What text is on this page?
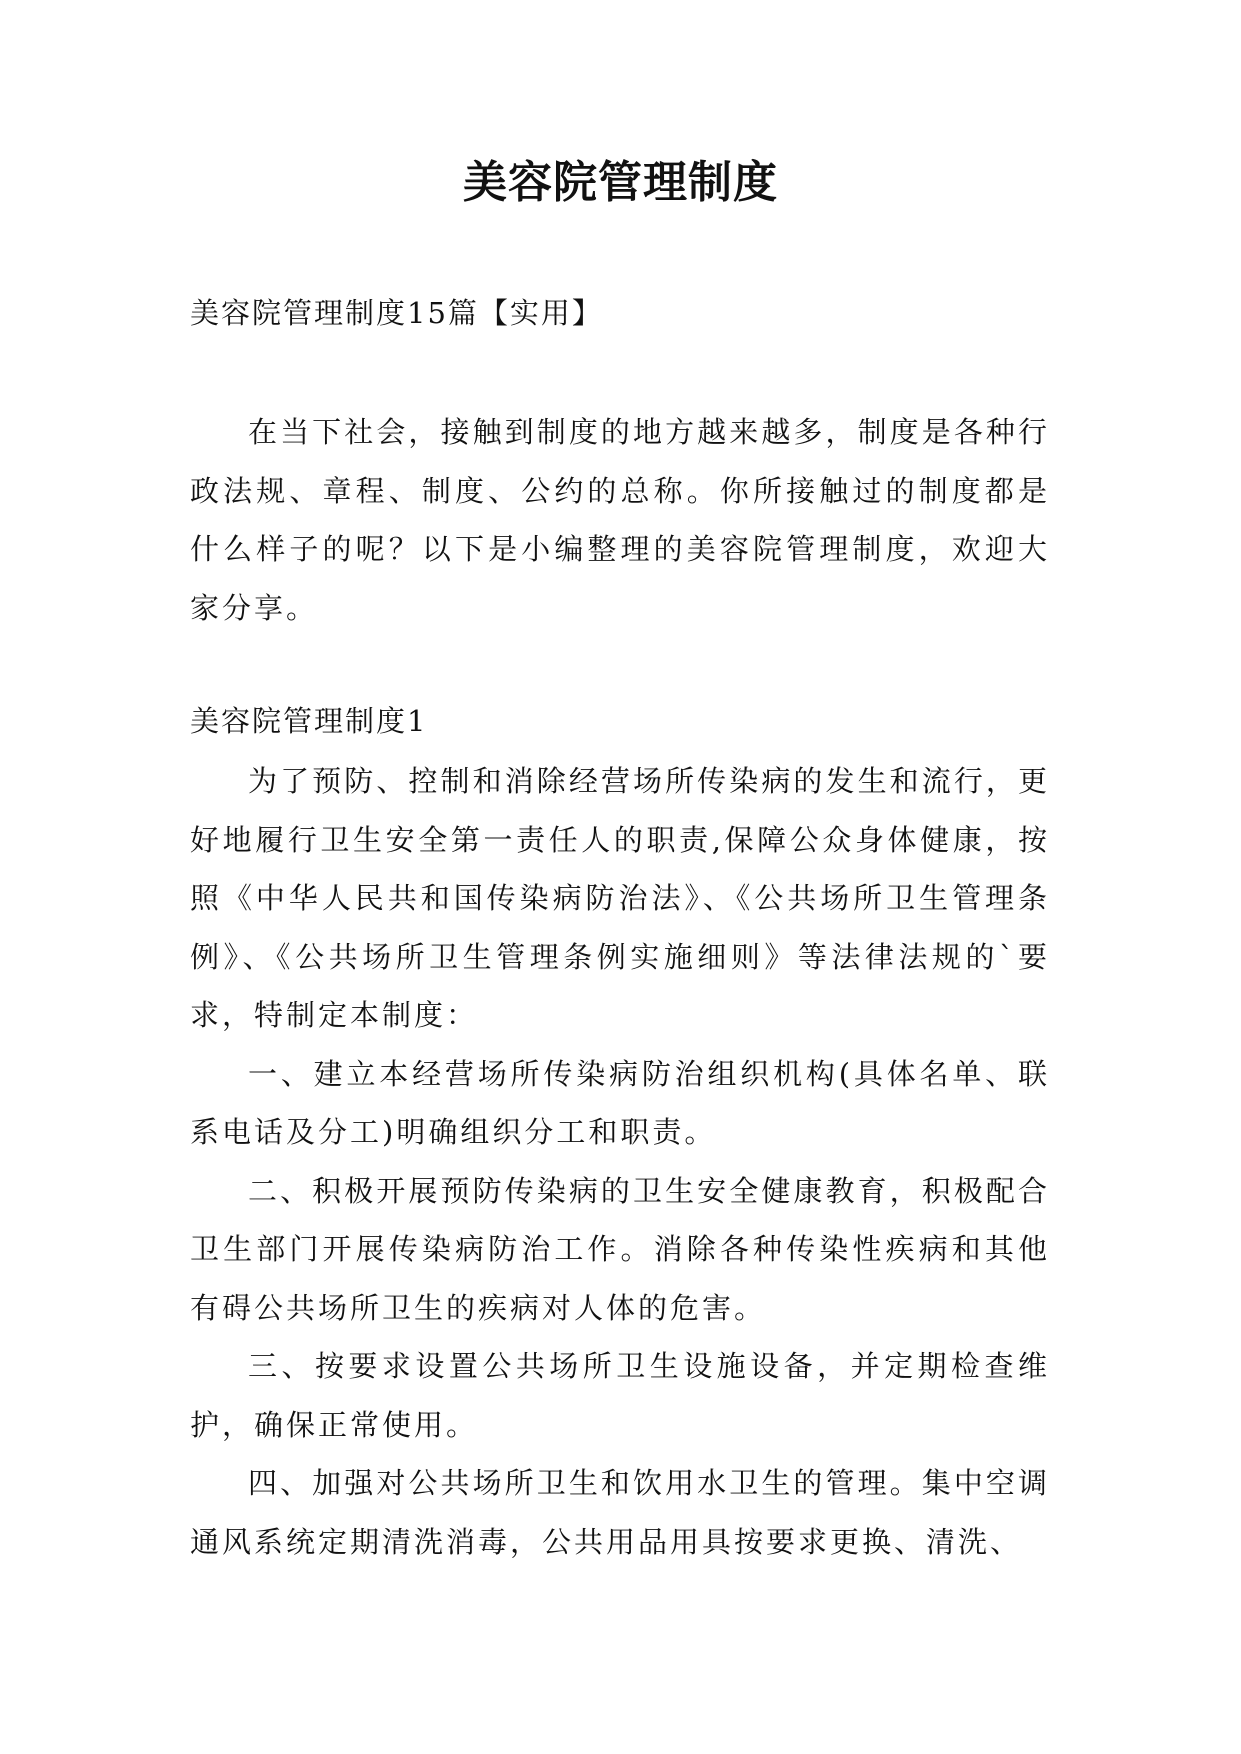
美容院管理制度

美容院管理制度15篇【实用】

在当下社会，接触到制度的地方越来越多，制度是各种行政法规、章程、制度、公约的总称。你所接触过的制度都是什么样子的呢？以下是小编整理的美容院管理制度，欢迎大家分享。

美容院管理制度1

为了预防、控制和消除经营场所传染病的发生和流行，更好地履行卫生安全第一责任人的职责,保障公众身体健康，按照《中华人民共和国传染病防治法》、《公共场所卫生管理条例》、《公共场所卫生管理条例实施细则》等法律法规的`要求，特制定本制度：

一、建立本经营场所传染病防治组织机构(具体名单、联系电话及分工)明确组织分工和职责。

二、积极开展预防传染病的卫生安全健康教育，积极配合卫生部门开展传染病防治工作。消除各种传染性疾病和其他有碍公共场所卫生的疾病对人体的危害。

三、按要求设置公共场所卫生设施设备，并定期检查维护，确保正常使用。

四、加强对公共场所卫生和饮用水卫生的管理。集中空调通风系统定期清洗消毒，公共用品用具按要求更换、清洗、
